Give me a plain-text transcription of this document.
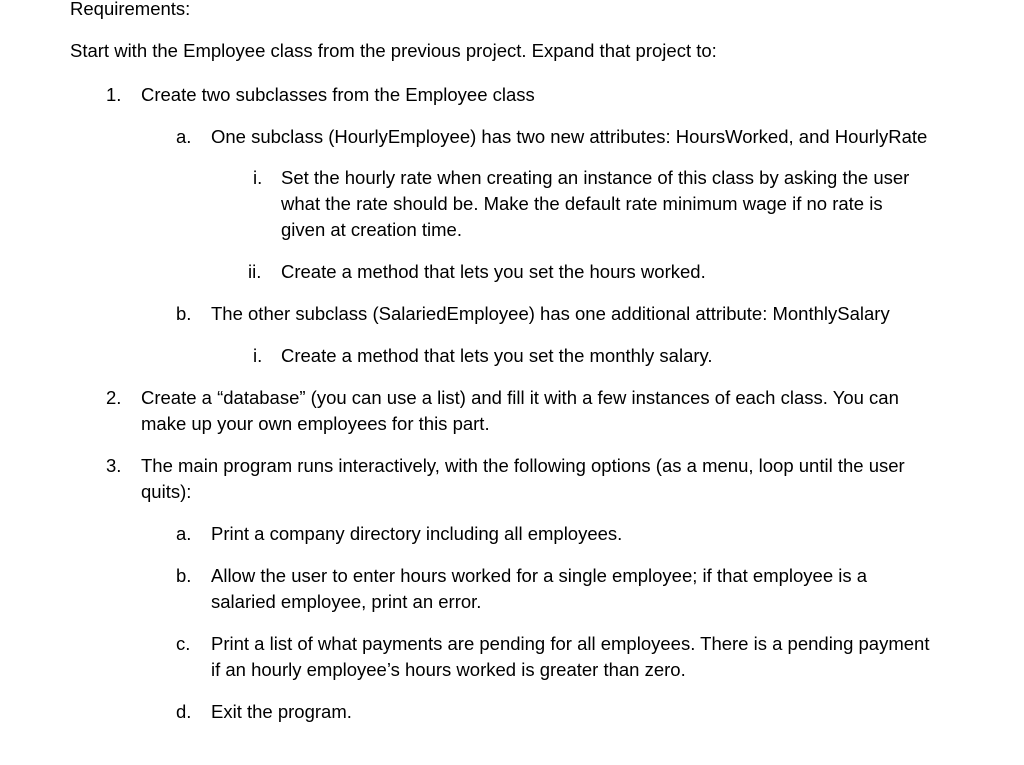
Requirements:
Start with the Employee class from the previous project. Expand that project to:
1. Create two subclasses from the Employee class
a. One subclass (HourlyEmployee) has two new attributes: HoursWorked, and HourlyRate
i. Set the hourly rate when creating an instance of this class by asking the user
what the rate should be. Make the default rate minimum wage if no rate is
given at creation time.
ii. Create a method that lets you set the hours worked.
b. The other subclass (SalariedEmployee) has one additional attribute: MonthlySalary
i. Create a method that lets you set the monthly salary.
2. Create a “database” (you can use a list) and fill it with a few instances of each class. You can
make up your own employees for this part.
3. The main program runs interactively, with the following options (as a menu, loop until the user
quits):
a. Print a company directory including all employees.
b. Allow the user to enter hours worked for a single employee; if that employee is a
salaried employee, print an error.
c. Print a list of what payments are pending for all employees. There is a pending payment
if an hourly employee’s hours worked is greater than zero.
d. Exit the program.
